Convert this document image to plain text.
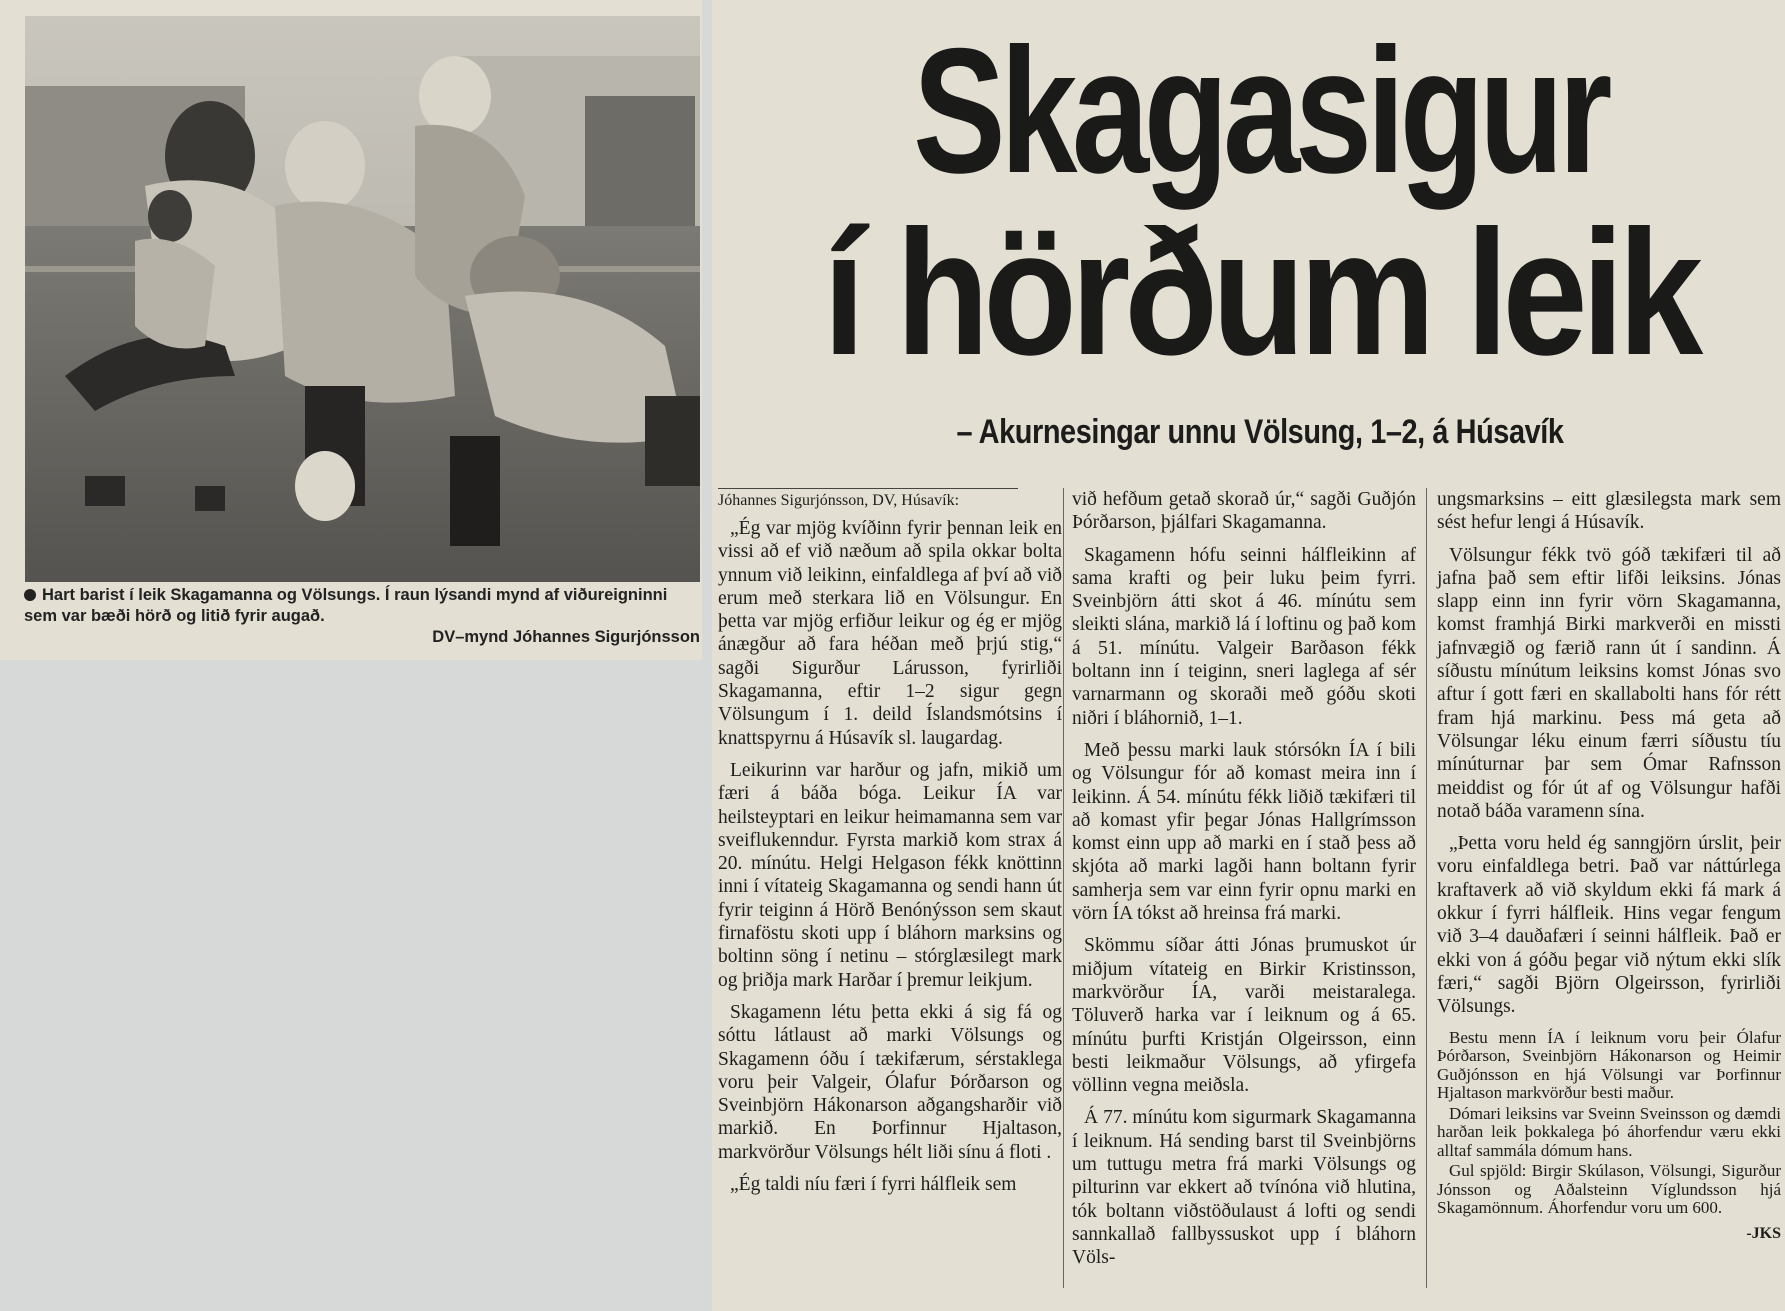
Hart barist í leik Skagamanna og Völsungs. Í raun lýsandi mynd af viðureigninni sem var bæði hörð og litið fyrir augað.
DV–mynd Jóhannes Sigurjónsson
Skagasigur
í hörðum leik
– Akurnesingar unnu Völsung, 1–2, á Húsavík
Jóhannes Sigurjónsson, DV, Húsavík:

„Ég var mjög kvíðinn fyrir þennan leik en vissi að ef við næðum að spila okkar bolta ynnum við leikinn, einfaldlega af því að við erum með sterkara lið en Völsungur. En þetta var mjög erfiður leikur og ég er mjög ánægður að fara héðan með þrjú stig,“ sagði Sigurður Lárusson, fyrirliði Skagamanna, eftir 1–2 sigur gegn Völsungum í 1. deild Íslandsmótsins í knattspyrnu á Húsavík sl. laugardag.

Leikurinn var harður og jafn, mikið um færi á báða bóga. Leikur ÍA var heilsteyptari en leikur heimamanna sem var sveiflukenndur. Fyrsta markið kom strax á 20. mínútu. Helgi Helgason fékk knöttinn inni í vítateig Skagamanna og sendi hann út fyrir teiginn á Hörð Benónýsson sem skaut firnaföstu skoti upp í bláhorn marksins og boltinn söng í netinu – stórglæsilegt mark og þriðja mark Harðar í þremur leikjum.

Skagamenn létu þetta ekki á sig fá og sóttu látlaust að marki Völsungs og Skagamenn óðu í tækifærum, sérstaklega voru þeir Valgeir, Ólafur Þórðarson og Sveinbjörn Hákonarson aðgangsharðir við markið. En Þorfinnur Hjaltason, markvörður Völsungs hélt liði sínu á floti .

„Ég taldi níu færi í fyrri hálfleik sem

við hefðum getað skorað úr,“ sagði Guðjón Þórðarson, þjálfari Skagamanna.

Skagamenn hófu seinni hálfleikinn af sama krafti og þeir luku þeim fyrri. Sveinbjörn átti skot á 46. mínútu sem sleikti slána, markið lá í loftinu og það kom á 51. mínútu. Valgeir Barðason fékk boltann inn í teiginn, sneri laglega af sér varnarmann og skoraði með góðu skoti niðri í bláhornið, 1–1.

Með þessu marki lauk stórsókn ÍA í bili og Völsungur fór að komast meira inn í leikinn. Á 54. mínútu fékk liðið tækifæri til að komast yfir þegar Jónas Hallgrímsson komst einn upp að marki en í stað þess að skjóta að marki lagði hann boltann fyrir samherja sem var einn fyrir opnu marki en vörn ÍA tókst að hreinsa frá marki.

Skömmu síðar átti Jónas þrumuskot úr miðjum vítateig en Birkir Kristinsson, markvörður ÍA, varði meistaralega. Töluverð harka var í leiknum og á 65. mínútu þurfti Kristján Olgeirsson, einn besti leikmaður Völsungs, að yfirgefa völlinn vegna meiðsla.

Á 77. mínútu kom sigurmark Skagamanna í leiknum. Há sending barst til Sveinbjörns um tuttugu metra frá marki Völsungs og pilturinn var ekkert að tvínóna við hlutina, tók boltann viðstöðulaust á lofti og sendi sannkallað fallbyssuskot upp í bláhorn Völs-

ungsmarksins – eitt glæsilegsta mark sem sést hefur lengi á Húsavík.

Völsungur fékk tvö góð tækifæri til að jafna það sem eftir lifði leiksins. Jónas slapp einn inn fyrir vörn Skagamanna, komst framhjá Birki markverði en missti jafnvægið og færið rann út í sandinn. Á síðustu mínútum leiksins komst Jónas svo aftur í gott færi en skallabolti hans fór rétt fram hjá markinu. Þess má geta að Völsungar léku einum færri síðustu tíu mínúturnar þar sem Ómar Rafnsson meiddist og fór út af og Völsungur hafði notað báða varamenn sína.

„Þetta voru held ég sanngjörn úrslit, þeir voru einfaldlega betri. Það var náttúrlega kraftaverk að við skyldum ekki fá mark á okkur í fyrri hálfleik. Hins vegar fengum við 3–4 dauðafæri í seinni hálfleik. Það er ekki von á góðu þegar við nýtum ekki slík færi,“ sagði Björn Olgeirsson, fyrirliði Völsungs.

Bestu menn ÍA í leiknum voru þeir Ólafur Þórðarson, Sveinbjörn Hákonarson og Heimir Guðjónsson en hjá Völsungi var Þorfinnur Hjaltason markvörður besti maður.

Dómari leiksins var Sveinn Sveinsson og dæmdi harðan leik þokkalega þó áhorfendur væru ekki alltaf sammála dómum hans.

Gul spjöld: Birgir Skúlason, Völsungi, Sigurður Jónsson og Aðalsteinn Víglundsson hjá Skagamönnum. Áhorfendur voru um 600.

-JKS
